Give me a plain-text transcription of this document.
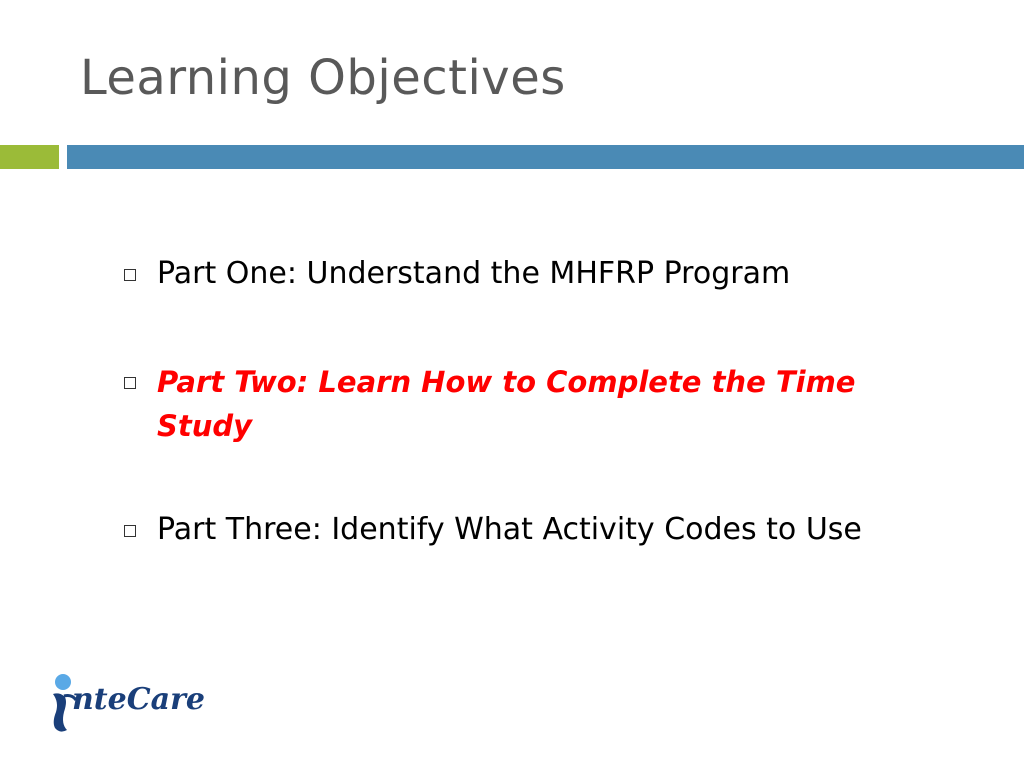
Learning Objectives
Part One: Understand the MHFRP Program
Part Two: Learn How to Complete the Time Study
Part Three: Identify What Activity Codes to Use
nteCare
